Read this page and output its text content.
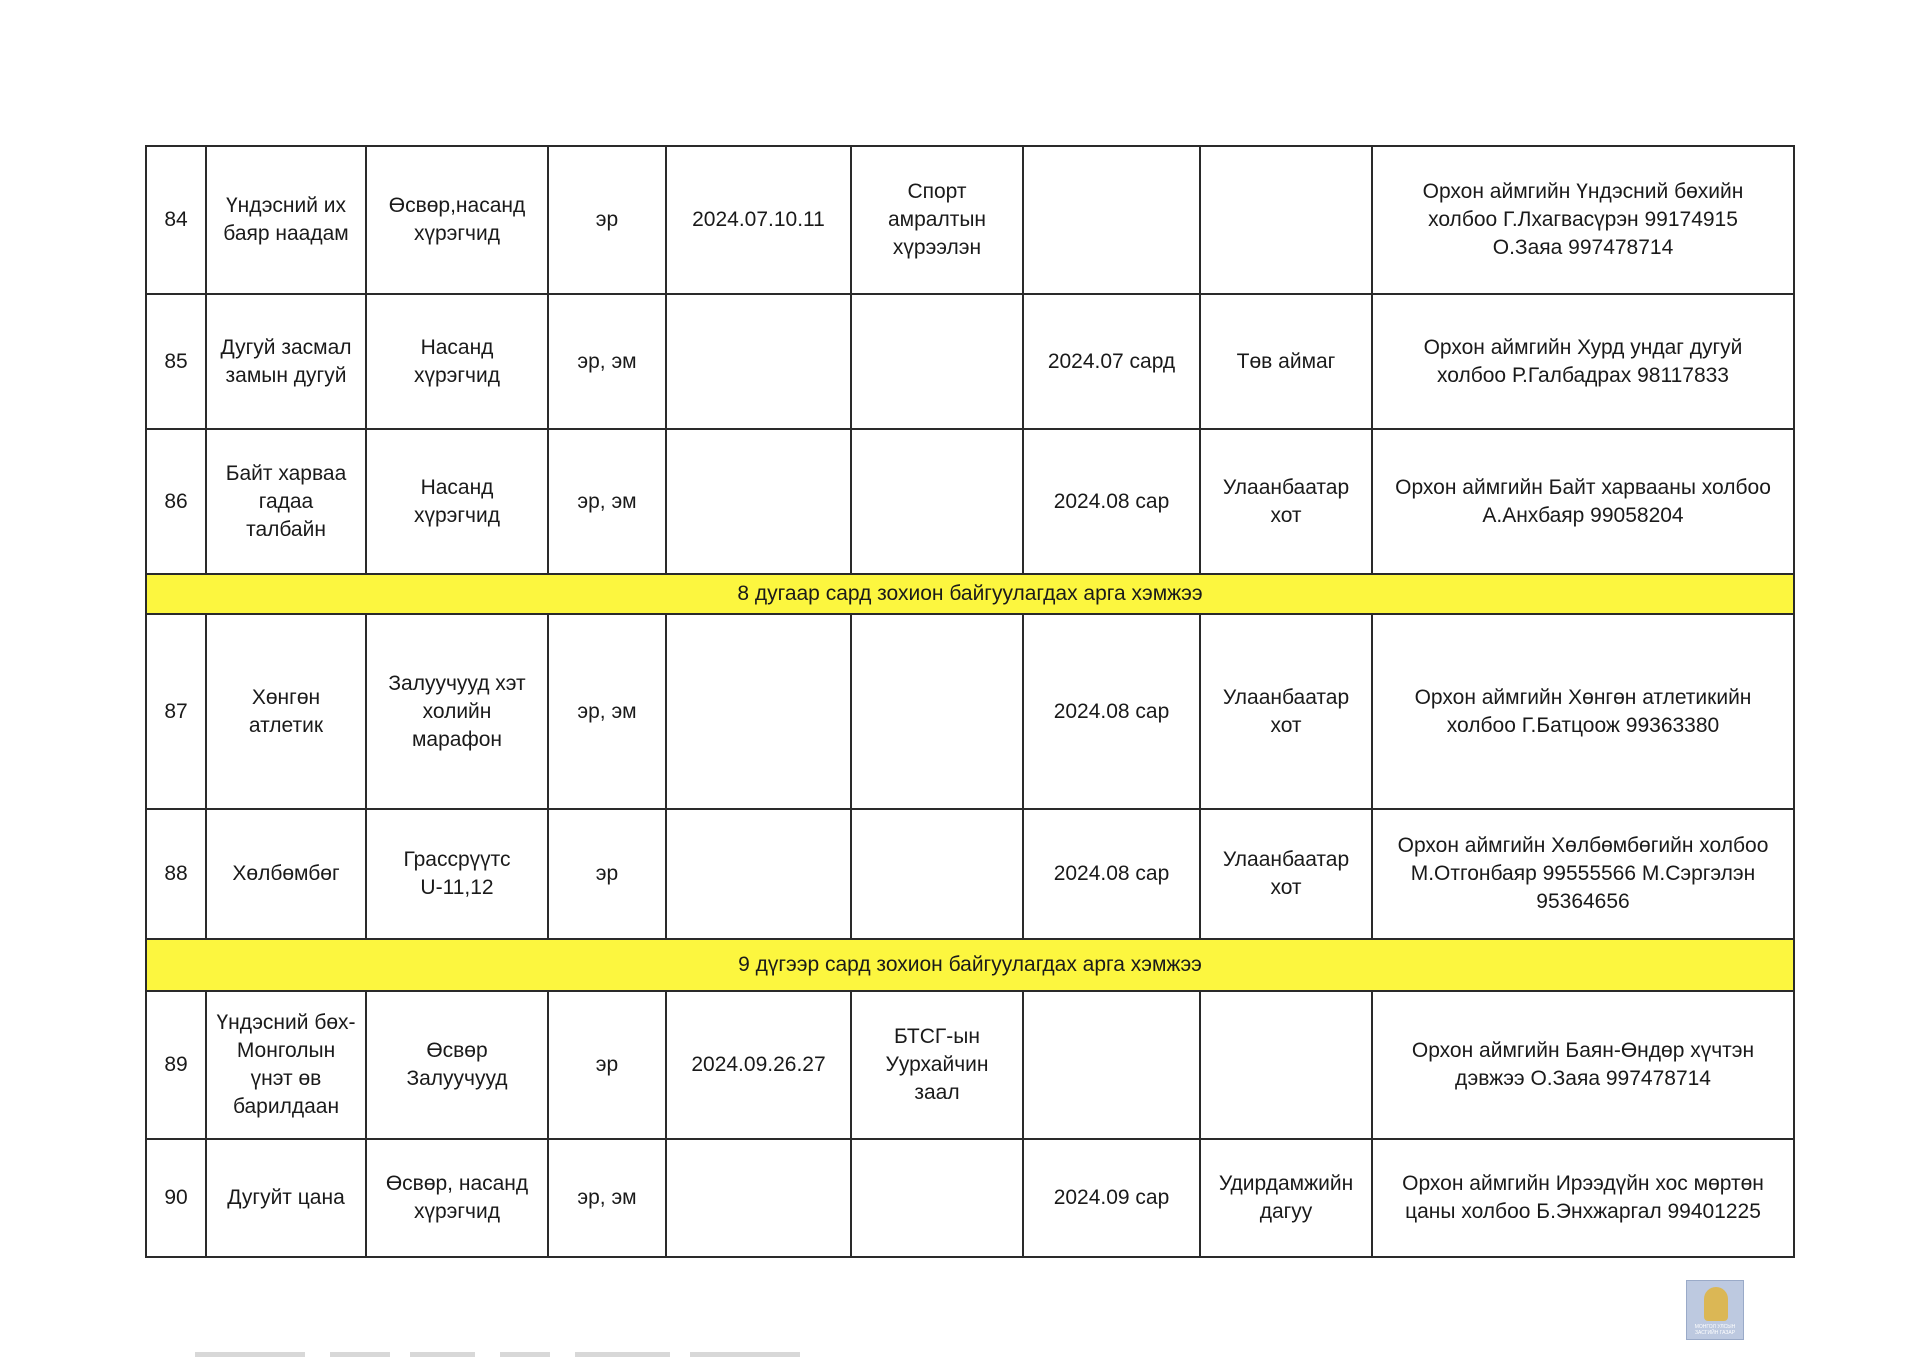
84	Үндэсний их
баяр наадам	Өсвөр,насанд
хүрэгчид	эр	2024.07.10.11	Спорт
амралтын
хүрээлэн			Орхон аймгийн Үндэсний бөхийн
холбоо Г.Лхагвасүрэн 99174915
О.Заяа 997478714
85	Дугуй засмал
замын дугуй	Насанд
хүрэгчид	эр, эм			2024.07 сард	Төв аймаг	Орхон аймгийн Хурд ундаг дугуй
холбоо Р.Галбадрах 98117833
86	Байт харваа
гадаа
талбайн	Насанд
хүрэгчид	эр, эм			2024.08 сар	Улаанбаатар
хот	Орхон аймгийн Байт харвааны холбоо
А.Анхбаяр 99058204
8 дугаар сард зохион байгуулагдах арга хэмжээ								
87	Хөнгөн
атлетик	Залуучууд хэт
холийн
марафон	эр, эм			2024.08 сар	Улаанбаатар
хот	Орхон аймгийн Хөнгөн атлетикийн
холбоо Г.Батцоож 99363380
88	Хөлбөмбөг	Грассрүүтс
U-11,12	эр			2024.08 сар	Улаанбаатар
хот	Орхон аймгийн Хөлбөмбөгийн холбоо
М.Отгонбаяр 99555566 М.Сэргэлэн
95364656
9 дүгээр сард зохион байгуулагдах арга хэмжээ								
89	Үндэсний бөх-
Монголын
үнэт өв
барилдаан	Өсвөр
Залуучууд	эр	2024.09.26.27	БТСГ-ын
Уурхайчин
заал			Орхон аймгийн Баян-Өндөр хүчтэн
дэвжээ О.Заяа 997478714
90	Дугуйт цана	Өсвөр, насанд
хүрэгчид	эр, эм			2024.09 сар	Удирдамжийн
дагуу	Орхон аймгийн Ирээдүйн хос мөртөн
цаны холбоо Б.Энхжаргал 99401225
МОНГОЛ УЛСЫН
ЗАСГИЙН ГАЗАР
